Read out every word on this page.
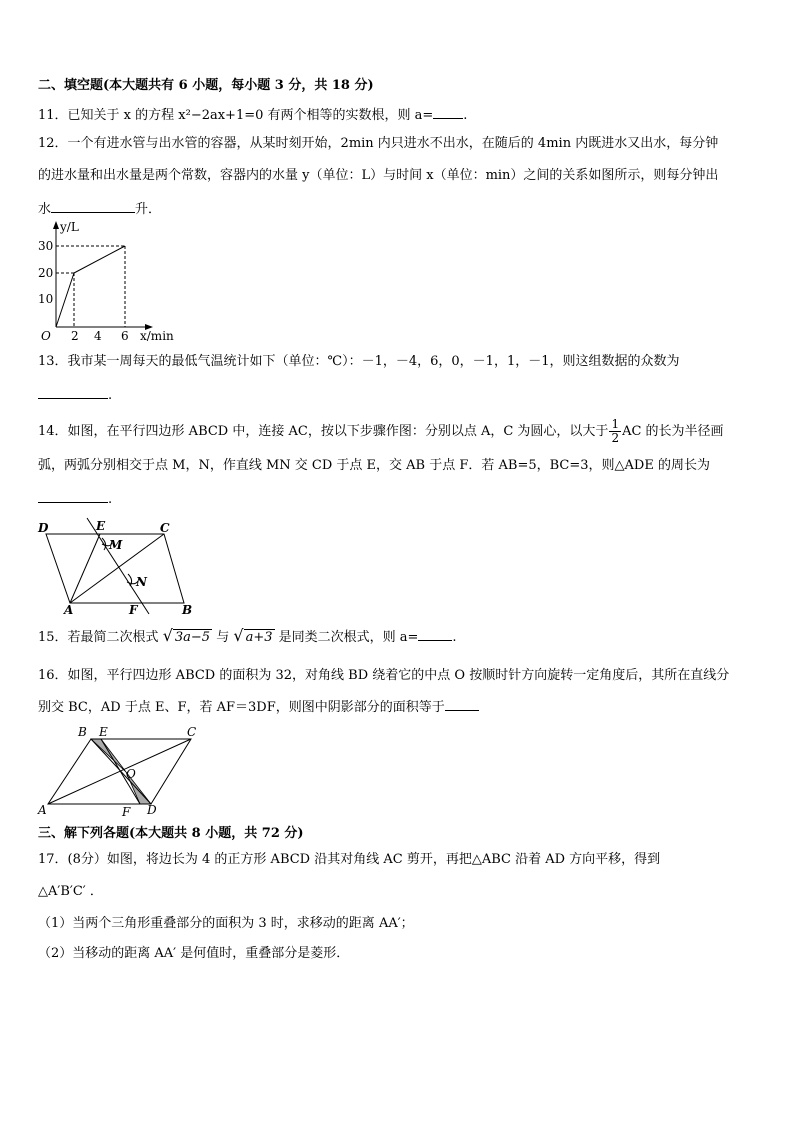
二、填空题(本大题共有 6 小题，每小题 3 分，共 18 分)
11．已知关于 x 的方程 x²−2ax+1=0 有两个相等的实数根，则 a= .
12．一个有进水管与出水管的容器，从某时刻开始，2min 内只进水不出水，在随后的 4min 内既进水又出水，每分钟
的进水量和出水量是两个常数，容器内的水量 y（单位：L）与时间 x（单位：min）之间的关系如图所示，则每分钟出
水	升．
y/L
x/min
O
30
20
10
2 4 6
13．我市某一周每天的最低气温统计如下（单位：℃）：－1，－4，6，0，－1，1，－1，则这组数据的众数为
.
14．如图，在平行四边形 ABCD 中，连接 AC，按以下步骤作图：分别以点 A，C 为圆心，以大于 $\frac{1}{2}$ AC 的长为半径画
弧，两弧分别相交于点 M，N，作直线 MN 交 CD 于点 E，交 AB 于点 F．若 AB=5，BC=3，则△ADE 的周长为
.
D	E	C
M
N
A	F	B
15．若最简二次根式 √ 3a−5 与 √ a+3 是同类二次根式，则 a=	.
16．如图，平行四边形 ABCD 的面积为 32，对角线 BD 绕着它的中点 O 按顺时针方向旋转一定角度后，其所在直线分
别交 BC，AD 于点 E、F，若 AF＝3DF，则图中阴影部分的面积等于
B E	C
O
A	F D
三、解下列各题(本大题共 8 小题，共 72 分)
17．(8分）如图，将边长为 4 的正方形 ABCD 沿其对角线 AC 剪开，再把△ABC 沿着 AD 方向平移，得到
△A′B′C′ ．
（1）当两个三角形重叠部分的面积为 3 时，求移动的距离 AA′；
（2）当移动的距离 AA′ 是何值时，重叠部分是菱形．
